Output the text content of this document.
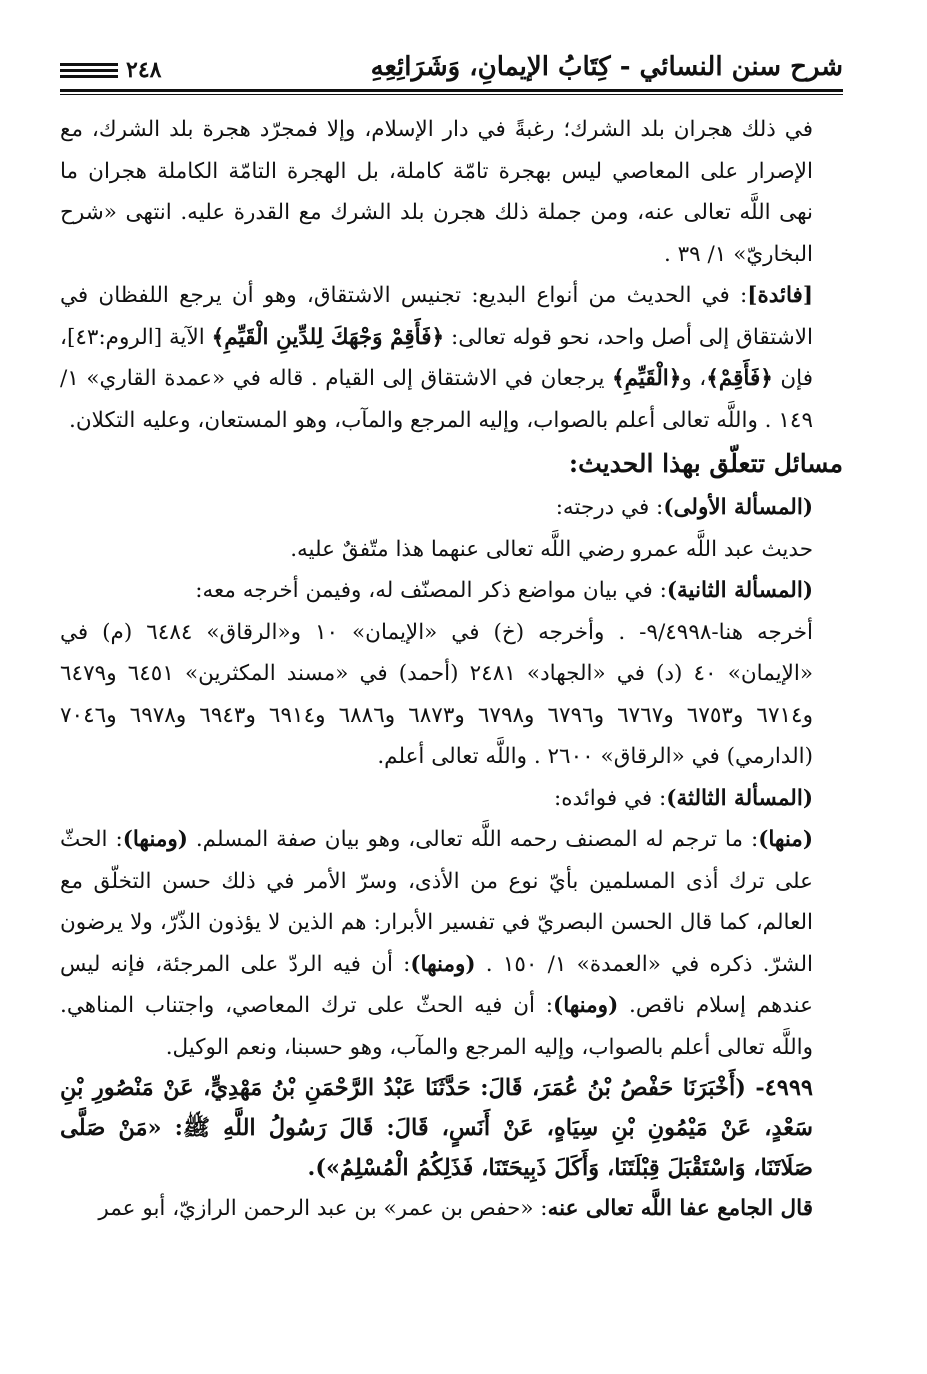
شرح سنن النسائي - كِتَابُ الإيمانِ، وَشَرَائِعِهِ
٢٤٨

في ذلك هجران بلد الشرك؛ رغبةً في دار الإسلام، وإلا فمجرّد هجرة بلد الشرك، مع الإصرار على المعاصي ليس بهجرة تامّة كاملة، بل الهجرة التامّة الكاملة هجران ما نهى اللَّه تعالى عنه، ومن جملة ذلك هجرن بلد الشرك مع القدرة عليه. انتهى «شرح البخاريّ» ١/ ٣٩ .

[فائدة]: في الحديث من أنواع البديع: تجنيس الاشتقاق، وهو أن يرجع اللفظان في الاشتقاق إلى أصل واحد، نحو قوله تعالى: ﴿فَأَقِمْ وَجْهَكَ لِلدِّينِ الْقَيِّمِ﴾ الآية [الروم:٤٣]، فإن ﴿فَأَقِمْ﴾، و﴿الْقَيِّمِ﴾ يرجعان في الاشتقاق إلى القيام . قاله في «عمدة القاري» ١/ ١٤٩ . واللَّه تعالى أعلم بالصواب، وإليه المرجع والمآب، وهو المستعان، وعليه التكلان.

مسائل تتعلّق بهذا الحديث:

(المسألة الأولى): في درجته:

حديث عبد اللَّه عمرو رضي اللَّه تعالى عنهما هذا متّفقٌ عليه.

(المسألة الثانية): في بيان مواضع ذكر المصنّف له، وفيمن أخرجه معه:

أخرجه هنا-٩/٤٩٩٨- . وأخرجه (خ) في «الإيمان» ١٠ و«الرقاق» ٦٤٨٤ (م) في «الإيمان» ٤٠ (د) في «الجهاد» ٢٤٨١ (أحمد) في «مسند المكثرين» ٦٤٥١ و٦٤٧٩ و٦٧١٤ و٦٧٥٣ و٦٧٦٧ و٦٧٩٦ و٦٧٩٨ و٦٨٧٣ و٦٨٨٦ و٦٩١٤ و٦٩٤٣ و٦٩٧٨ و٧٠٤٦ (الدارمي) في «الرقاق» ٢٦٠٠ . واللَّه تعالى أعلم.

(المسألة الثالثة): في فوائده:

(منها): ما ترجم له المصنف رحمه اللَّه تعالى، وهو بيان صفة المسلم. (ومنها): الحثّ على ترك أذى المسلمين بأيّ نوع من الأذى، وسرّ الأمر في ذلك حسن التخلّق مع العالم، كما قال الحسن البصريّ في تفسير الأبرار: هم الذين لا يؤذون الذّرّ، ولا يرضون الشرّ. ذكره في «العمدة» ١/ ١٥٠ . (ومنها): أن فيه الردّ على المرجئة، فإنه ليس عندهم إسلام ناقص. (ومنها): أن فيه الحثّ على ترك المعاصي، واجتناب المناهي. واللَّه تعالى أعلم بالصواب، وإليه المرجع والمآب، وهو حسبنا، ونعم الوكيل.

٤٩٩٩- (أَخْبَرَنَا حَفْصُ بْنُ عُمَرَ، قَالَ: حَدَّثَنَا عَبْدُ الرَّحْمَنِ بْنُ مَهْدِيٍّ، عَنْ مَنْصُورِ بْنِ سَعْدٍ، عَنْ مَيْمُونِ بْنِ سِيَاهٍ، عَنْ أَنَسٍ، قَالَ: قَالَ رَسُولُ اللَّهِ ﷺ: «مَنْ صَلَّى صَلَاتَنَا، وَاسْتَقْبَلَ قِبْلَتَنَا، وَأَكَلَ ذَبِيحَتَنَا، فَذَلِكُمُ الْمُسْلِمُ»).

قال الجامع عفا اللَّه تعالى عنه: «حفص بن عمر» بن عبد الرحمن الرازيّ، أبو عمر
